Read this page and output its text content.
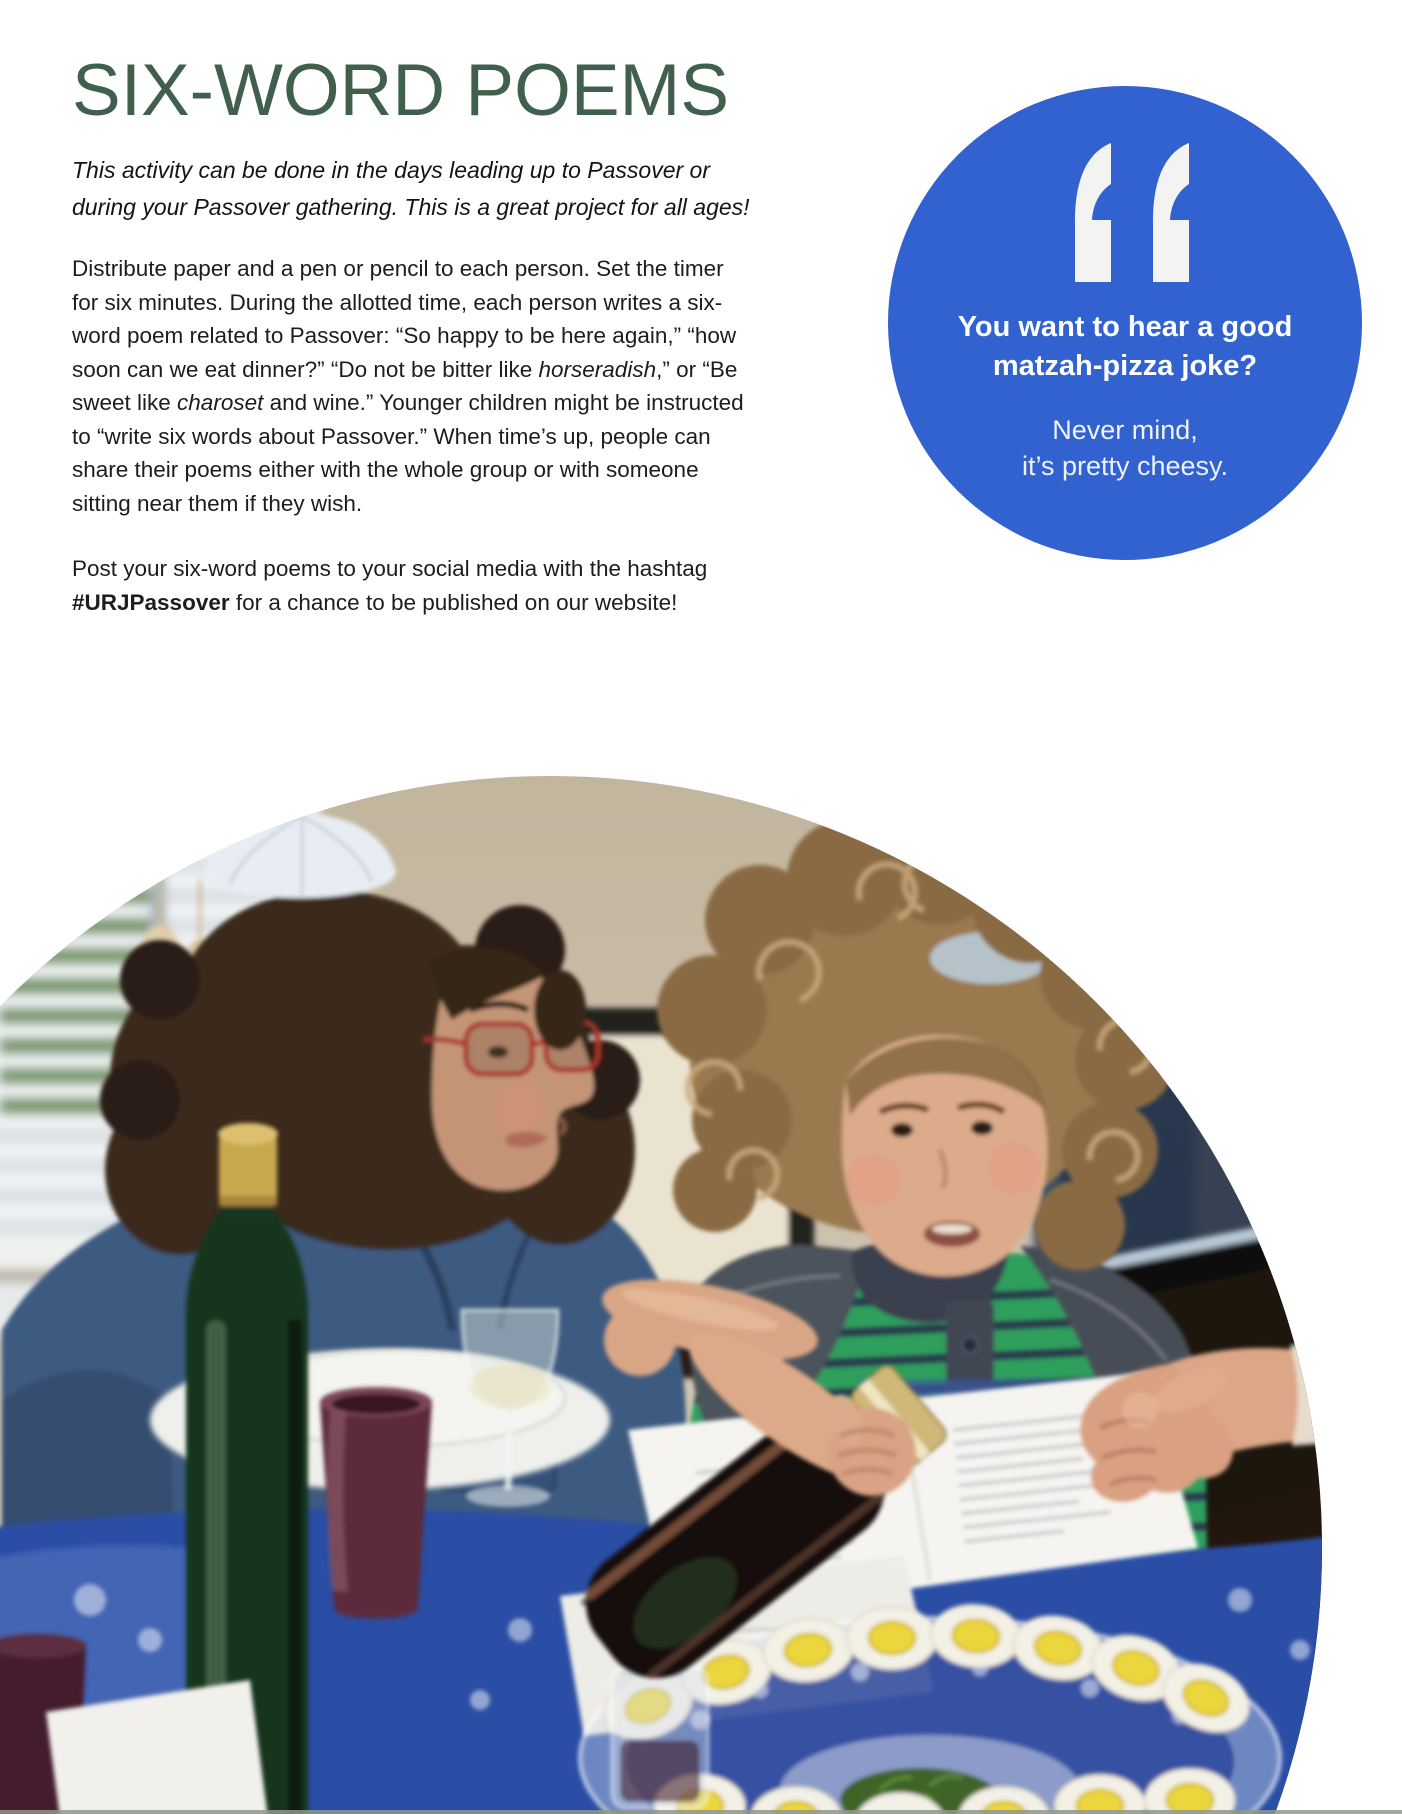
SIX-WORD POEMS

This activity can be done in the days leading up to Passover or during your Passover gathering. This is a great project for all ages!

Distribute paper and a pen or pencil to each person. Set the timer for six minutes. During the allotted time, each person writes a six-word poem related to Passover: “So happy to be here again,” “how soon can we eat dinner?” “Do not be bitter like horseradish,” or “Be sweet like charoset and wine.” Younger children might be instructed to “write six words about Passover.” When time’s up, people can share their poems either with the whole group or with someone sitting near them if they wish.

Post your six-word poems to your social media with the hashtag #URJPassover for a chance to be published on our website!

You want to hear a good
matzah-pizza joke?
Never mind,
it’s pretty cheesy.
